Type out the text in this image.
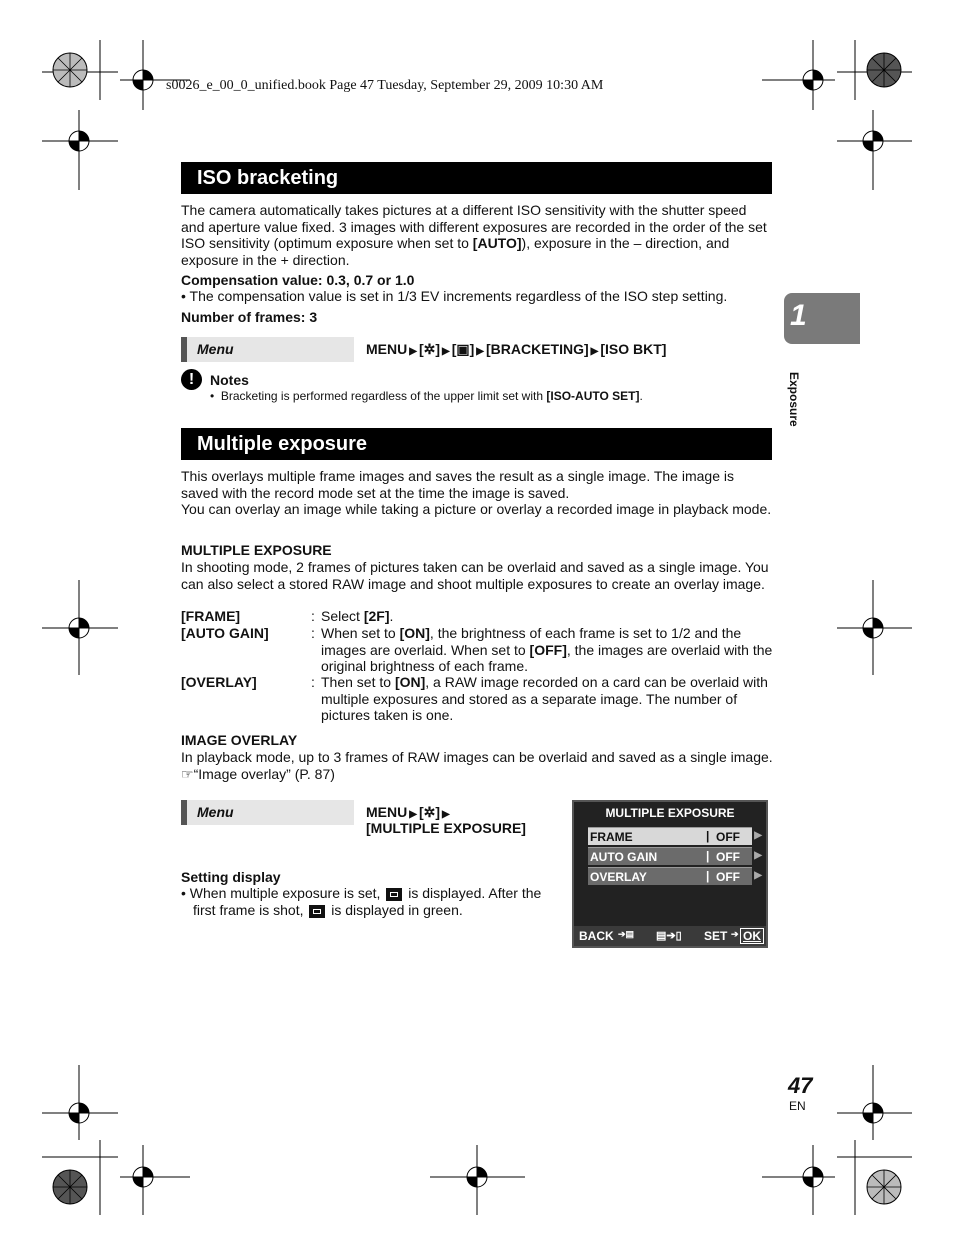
s0026_e_00_0_unified.book Page 47 Tuesday, September 29, 2009 10:30 AM
1
Exposure
ISO bracketing
The camera automatically takes pictures at a different ISO sensitivity with the shutter speed and aperture value fixed. 3 images with different exposures are recorded in the order of the set ISO sensitivity (optimum exposure when set to [AUTO]), exposure in the – direction, and exposure in the + direction.
Compensation value: 0.3, 0.7 or 1.0
• The compensation value is set in 1/3 EV increments regardless of the ISO step setting.
Number of frames: 3
Menu	MENU ▶ [✲] ▶ [▣] ▶ [BRACKETING] ▶ [ISO BKT]
!	Notes
•  Bracketing is performed regardless of the upper limit set with [ISO-AUTO SET].
Multiple exposure
This overlays multiple frame images and saves the result as a single image. The image is saved with the record mode set at the time the image is saved.
You can overlay an image while taking a picture or overlay a recorded image in playback mode.
MULTIPLE EXPOSURE
In shooting mode, 2 frames of pictures taken can be overlaid and saved as a single image. You can also select a stored RAW image and shoot multiple exposures to create an overlay image.
[FRAME]	: Select [2F].
[AUTO GAIN]	: When set to [ON], the brightness of each frame is set to 1/2 and the images are overlaid. When set to [OFF], the images are overlaid with the original brightness of each frame.
[OVERLAY]	: Then set to [ON], a RAW image recorded on a card can be overlaid with multiple exposures and stored as a separate image. The number of pictures taken is one.
IMAGE OVERLAY
In playback mode, up to 3 frames of RAW images can be overlaid and saved as a single image. ☞“Image overlay” (P. 87)
Menu	MENU ▶ [✲] ▶
[MULTIPLE EXPOSURE]
Setting display
• When multiple exposure is set, is displayed. After the
first frame is shot, is displayed in green.
MULTIPLE EXPOSURE
FRAME	| OFF ▶
AUTO GAIN	| OFF ▶
OVERLAY	| OFF ▶
BACK ➔▤ ▤➔▯ SET ➔ OK
47
EN
